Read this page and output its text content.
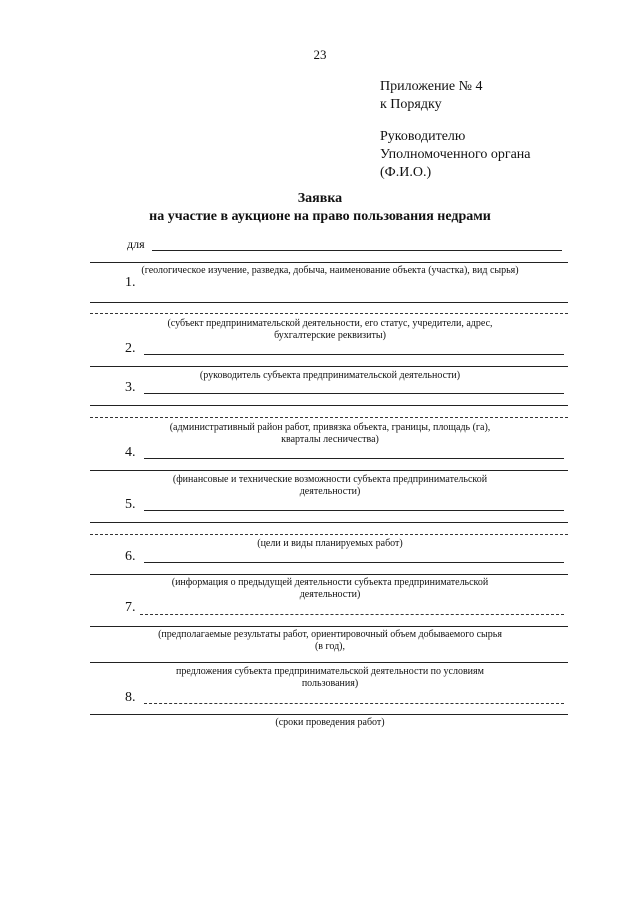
23
Приложение № 4
к Порядку
Руководителю
Уполномоченного органа
(Ф.И.О.)
Заявка
на участие в аукционе на право пользования недрами
для
(геологическое изучение, разведка, добыча, наименование объекта (участка), вид сырья)
1.
(субъект предпринимательской деятельности, его статус, учредители, адрес,
бухгалтерские реквизиты)
2.
(руководитель субъекта предпринимательской деятельности)
3.
(административный район работ, привязка объекта, границы, площадь (га),
кварталы лесничества)
4.
(финансовые и технические возможности субъекта предпринимательской
деятельности)
5.
(цели и виды планируемых работ)
6.
(информация о предыдущей деятельности субъекта предпринимательской
деятельности)
7.
(предполагаемые результаты работ, ориентировочный объем добываемого сырья
(в год),
предложения субъекта предпринимательской деятельности по условиям
пользования)
8.
(сроки проведения работ)
